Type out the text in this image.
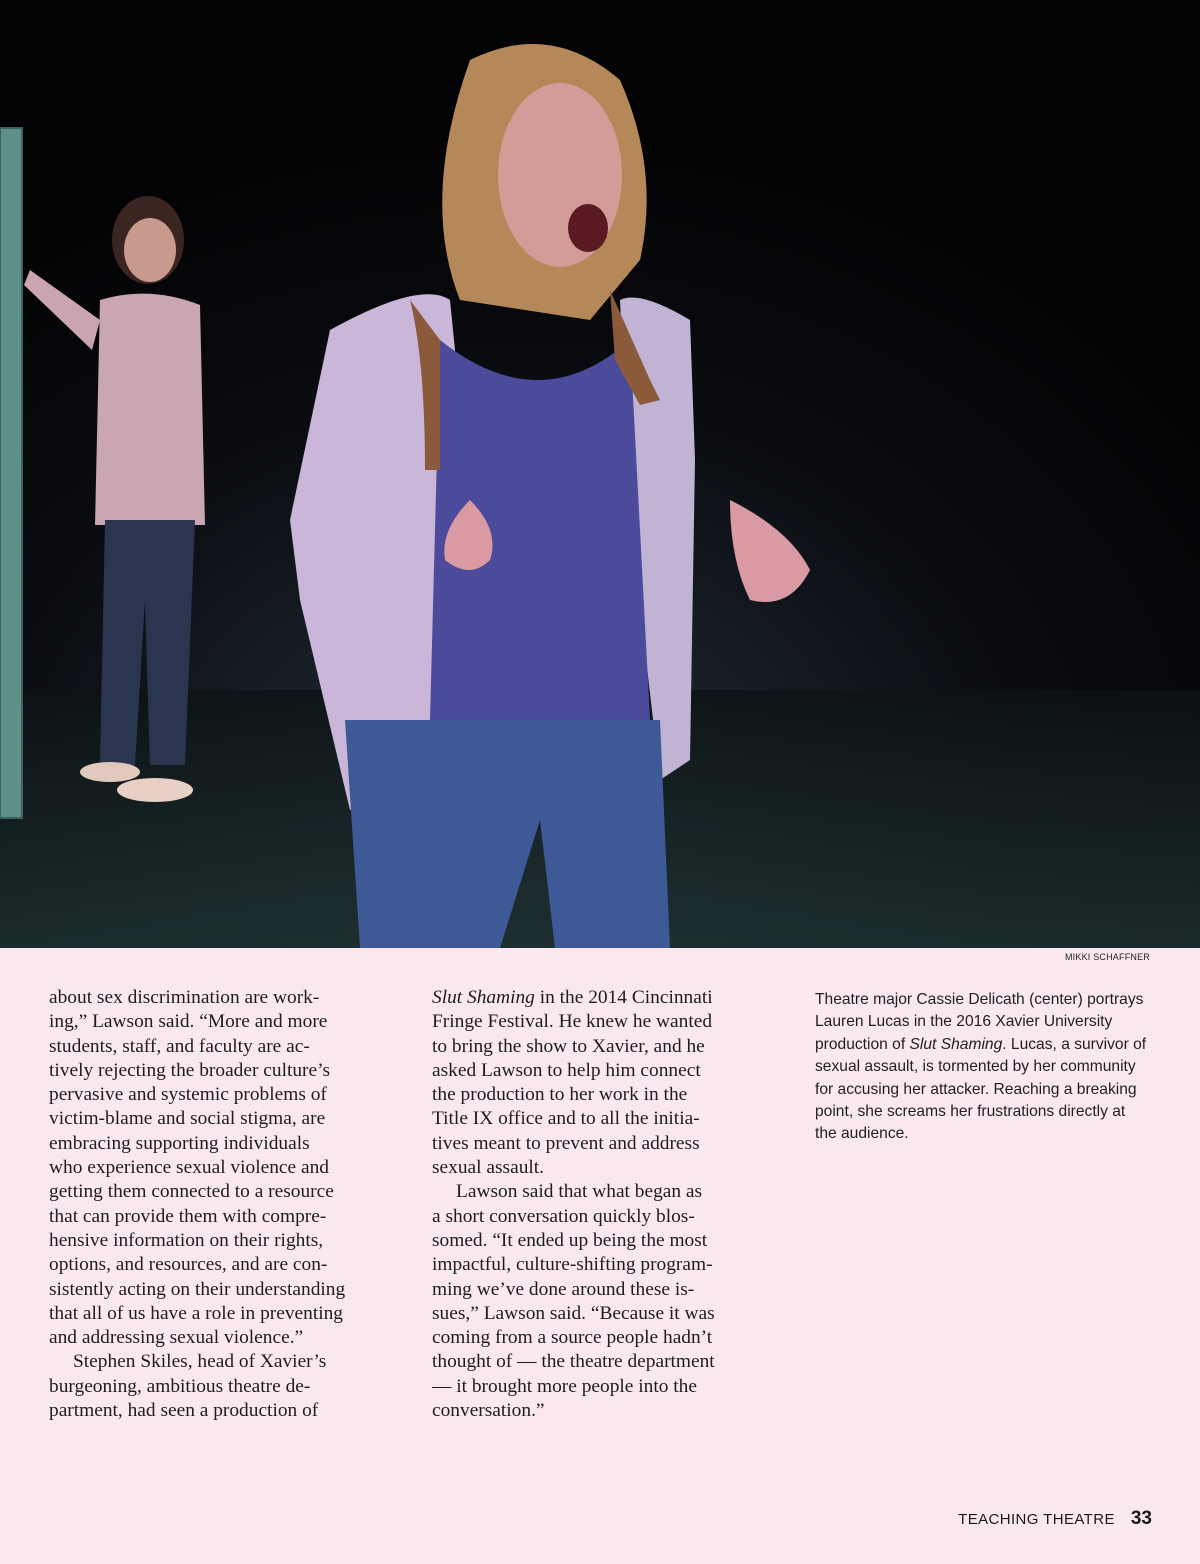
MIKKI SCHAFFNER
about sex discrimination are work-
ing,” Lawson said. “More and more
students, staff, and faculty are ac-
tively rejecting the broader culture’s
pervasive and systemic problems of
victim-blame and social stigma, are
embracing supporting individuals
who experience sexual violence and
getting them connected to a resource
that can provide them with compre-
hensive information on their rights,
options, and resources, and are con-
sistently acting on their understanding
that all of us have a role in preventing
and addressing sexual violence.”
Stephen Skiles, head of Xavier’s
burgeoning, ambitious theatre de-
partment, had seen a production of
Slut Shaming in the 2014 Cincinnati
Fringe Festival. He knew he wanted
to bring the show to Xavier, and he
asked Lawson to help him connect
the production to her work in the
Title IX office and to all the initia-
tives meant to prevent and address
sexual assault.
Lawson said that what began as
a short conversation quickly blos-
somed. “It ended up being the most
impactful, culture-shifting program-
ming we’ve done around these is-
sues,” Lawson said. “Because it was
coming from a source people hadn’t
thought of — the theatre department
— it brought more people into the
conversation.”
Theatre major Cassie Delicath (center) portrays
Lauren Lucas in the 2016 Xavier University
production of Slut Shaming. Lucas, a survivor of
sexual assault, is tormented by her community
for accusing her attacker. Reaching a breaking
point, she screams her frustrations directly at
the audience.
TEACHING THEATRE 33
